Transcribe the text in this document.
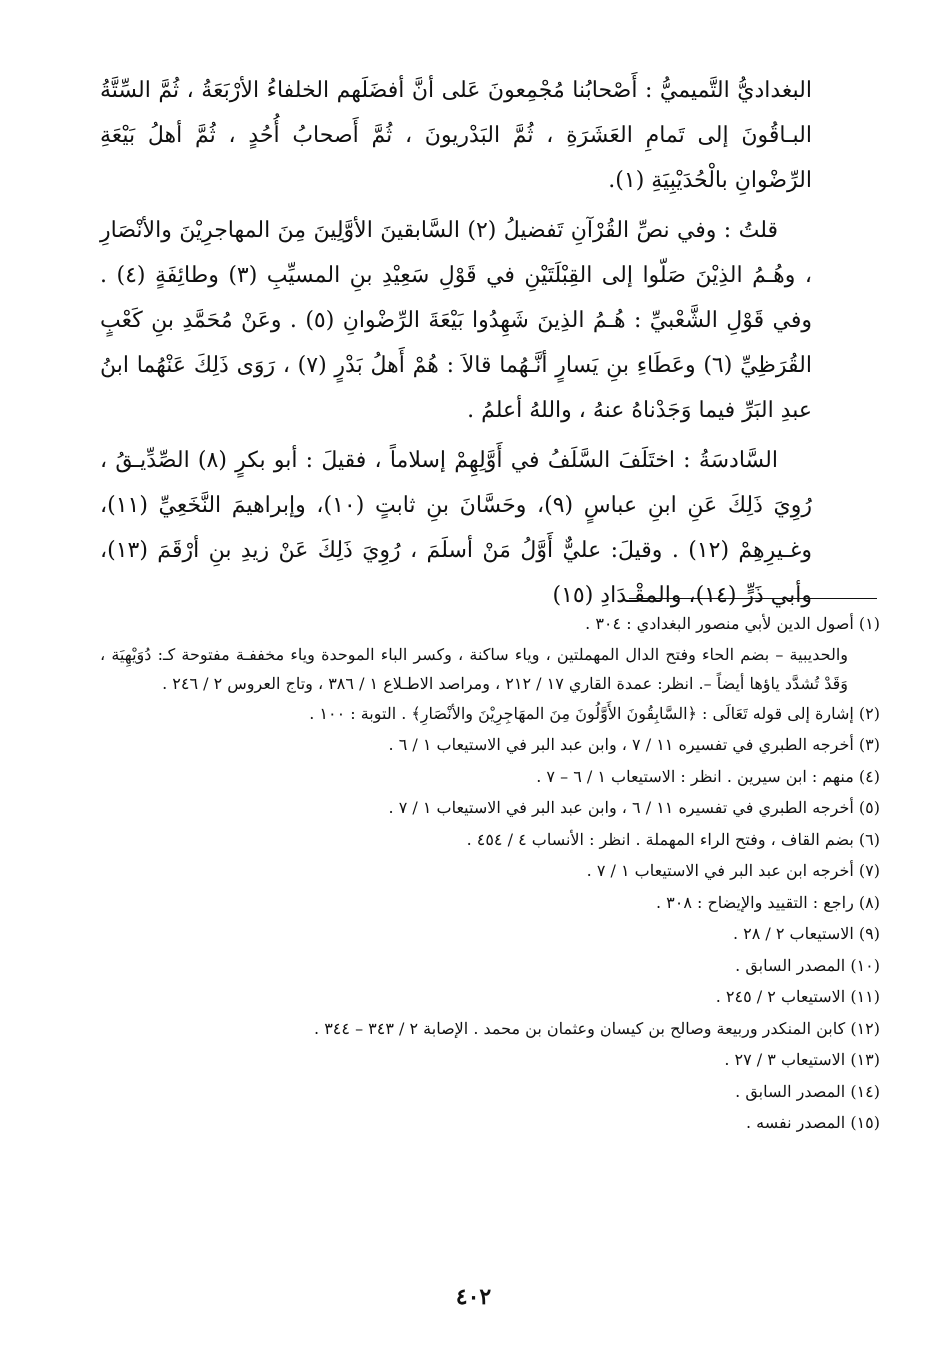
البغداديُّ التَّميميُّ : أَصْحابُنا مُجْمِعونَ عَلى أنَّ أفضَلَهم الخلفاءُ الأرْبَعَةُ ، ثُمَّ السِّتَّةُ البـاقُونَ إلى تَمامِ العَشَرَةِ ، ثُمَّ البَدْريونَ ، ثُمَّ أَصحابُ أُحُدٍ ، ثُمَّ أهلُ بَيْعَةِ الرِّضْوانِ بالْحُدَيْبِيَةِ (١).

قلتُ : وفي نصِّ القُرْآنِ تَفضيلُ (٢) السَّابقينَ الأوَّلِينَ مِنَ المهاجرِيْنَ والأنْصَارِ ، وهُـمُ الذِيْنَ صَلّوا إلى القِبْلَتَيْنِ في قَوْلِ سَعِيْدِ بنِ المسيِّبِ (٣) وطائِفَةٍ (٤) . وفي قَوْلِ الشَّعْبيِّ : هُـمُ الذِينَ شَهِدُوا بَيْعَةَ الرِّضْوانِ (٥) . وعَنْ مُحَمَّدِ بنِ كَعْبٍ القُرَظِيِّ (٦) وعَطَاءِ بنِ يَسارٍ أنَّـهُما قالاَ : هُمْ أَهلُ بَدْرٍ (٧) ، رَوَى ذَلِكَ عَنْهُما ابنُ عبدِ البَرِّ فيما وَجَدْناهُ عنهُ ، واللهُ أعلمُ .

السَّادسَةُ : اختَلَفَ السَّلَفُ في أَوَّلِهِمْ إسلاماً ، فقيلَ : أبو بكرٍ (٨) الصِّدِّيـقُ ، رُوِيَ ذَلِكَ عَنِ ابنِ عباسٍ (٩)، وحَسَّانَ بنِ ثابتٍ (١٠)، وإبراهيمَ النَّخَعِيِّ (١١)، وغـيرِهِمْ (١٢) . وقيلَ: عليٌّ أَوَّلُ مَنْ أسلَمَ ، رُوِيَ ذَلِكَ عَنْ زيدِ بنِ أرْقَمَ (١٣)، وأبي ذَرٍّ (١٤)، والمقْـدَادِ (١٥)

(١) أصول الدين لأبي منصور البغدادي : ٣٠٤ .

والحديبية – بضم الحاء وفتح الدال المهملتين ، وياء ساكنة ، وكسر الباء الموحدة وياء مخففـة مفتوحة كـ: دُوَيْهِيَة ، وَقَدْ تُشدَّد ياؤها أيضاً –. انظر: عمدة القاري ١٧ / ٢١٢ ، ومراصد الاطـلاع ١ / ٣٨٦ ، وتاج العروس ٢ / ٢٤٦ .

(٢) إشارة إلى قوله تَعَالَى : ﴿السَّابِقُونَ الأَوَّلُونَ مِنَ المهَاجِرِيْنَ والأنْصَارِ﴾ . التوبة : ١٠٠ .

(٣) أخرجه الطبري في تفسيره ١١ / ٧ ، وابن عبد البر في الاستيعاب ١ / ٦ .

(٤) منهم : ابن سيرين . انظر : الاستيعاب ١ / ٦ – ٧ .

(٥) أخرجه الطبري في تفسيره ١١ / ٦ ، وابن عبد البر في الاستيعاب ١ / ٧ .

(٦) بضم القاف ، وفتح الراء المهملة . انظر : الأنساب ٤ / ٤٥٤ .

(٧) أخرجه ابن عبد البر في الاستيعاب ١ / ٧ .

(٨) راجع : التقييد والإيضاح : ٣٠٨ .

(٩) الاستيعاب ٢ / ٢٨ .

(١٠) المصدر السابق .

(١١) الاستيعاب ٢ / ٢٤٥ .

(١٢) كابن المنكدر وربيعة وصالح بن كيسان وعثمان بن محمد . الإصابة ٢ / ٣٤٣ – ٣٤٤ .

(١٣) الاستيعاب ٣ / ٢٧ .

(١٤) المصدر السابق .

(١٥) المصدر نفسه .

٤٠٢
